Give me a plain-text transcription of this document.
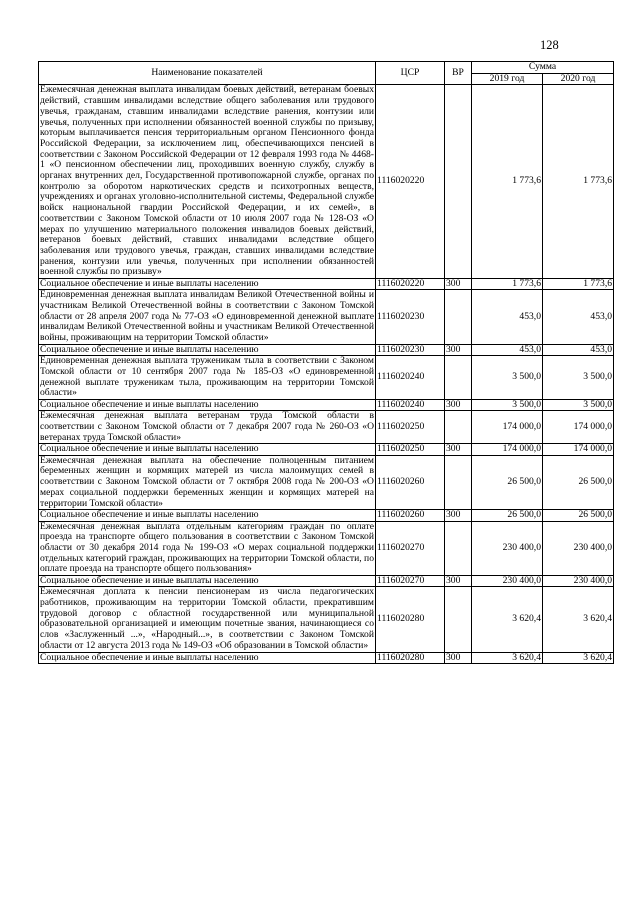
128
Наименование показателей	ЦСР	ВР	Сумма	
			2019 год	2020 год
Ежемесячная денежная выплата инвалидам боевых действий, ветеранам боевых действий, ставшим инвалидами вследствие общего заболевания или трудового увечья, гражданам, ставшим инвалидами вследствие ранения, контузии или увечья, полученных при исполнении обязанностей военной службы по призыву, которым выплачивается пенсия территориальным органом Пенсионного фонда Российской Федерации, за исключением лиц, обеспечивающихся пенсией в соответствии с Законом Российской Федерации от 12 февраля 1993 года № 4468-1 «О пенсионном обеспечении лиц, проходивших военную службу, службу в органах внутренних дел, Государственной противопожарной службе, органах по контролю за оборотом наркотических средств и психотропных веществ, учреждениях и органах уголовно-исполнительной системы, Федеральной службе войск национальной гвардии Российской Федерации, и их семей», в соответствии с Законом Томской области от 10 июля 2007 года № 128-ОЗ «О мерах по улучшению материального положения инвалидов боевых действий, ветеранов боевых действий, ставших инвалидами вследствие общего заболевания или трудового увечья, граждан, ставших инвалидами вследствие ранения, контузии или увечья, полученных при исполнении обязанностей военной службы по призыву»	1116020220		1 773,6	1 773,6
Социальное обеспечение и иные выплаты населению	1116020220	300	1 773,6	1 773,6
Единовременная денежная выплата инвалидам Великой Отечественной войны и участникам Великой Отечественной войны в соответствии с Законом Томской области от 28 апреля 2007 года № 77-ОЗ «О единовременной денежной выплате инвалидам Великой Отечественной войны и участникам Великой Отечественной войны, проживающим на территории Томской области»	1116020230		453,0	453,0
Социальное обеспечение и иные выплаты населению	1116020230	300	453,0	453,0
Единовременная денежная выплата труженикам тыла в соответствии с Законом Томской области от 10 сентября 2007 года № 185-ОЗ «О единовременной денежной выплате труженикам тыла, проживающим на территории Томской области»	1116020240		3 500,0	3 500,0
Социальное обеспечение и иные выплаты населению	1116020240	300	3 500,0	3 500,0
Ежемесячная денежная выплата ветеранам труда Томской области в соответствии с Законом Томской области от 7 декабря 2007 года № 260-ОЗ «О ветеранах труда Томской области»	1116020250		174 000,0	174 000,0
Социальное обеспечение и иные выплаты населению	1116020250	300	174 000,0	174 000,0
Ежемесячная денежная выплата на обеспечение полноценным питанием беременных женщин и кормящих матерей из числа малоимущих семей в соответствии с Законом Томской области от 7 октября 2008 года № 200-ОЗ «О мерах социальной поддержки беременных женщин и кормящих матерей на территории Томской области»	1116020260		26 500,0	26 500,0
Социальное обеспечение и иные выплаты населению	1116020260	300	26 500,0	26 500,0
Ежемесячная денежная выплата отдельным категориям граждан по оплате проезда на транспорте общего пользования в соответствии с Законом Томской области от 30 декабря 2014 года № 199-ОЗ «О мерах социальной поддержки отдельных категорий граждан, проживающих на территории Томской области, по оплате проезда на транспорте общего пользования»	1116020270		230 400,0	230 400,0
Социальное обеспечение и иные выплаты населению	1116020270	300	230 400,0	230 400,0
Ежемесячная доплата к пенсии пенсионерам из числа педагогических работников, проживающим на территории Томской области, прекратившим трудовой договор с областной государственной или муниципальной образовательной организацией и имеющим почетные звания, начинающиеся со слов «Заслуженный ...», «Народный...», в соответствии с Законом Томской области от 12 августа 2013 года № 149-ОЗ «Об образовании в Томской области»	1116020280		3 620,4	3 620,4
Социальное обеспечение и иные выплаты населению	1116020280	300	3 620,4	3 620,4
